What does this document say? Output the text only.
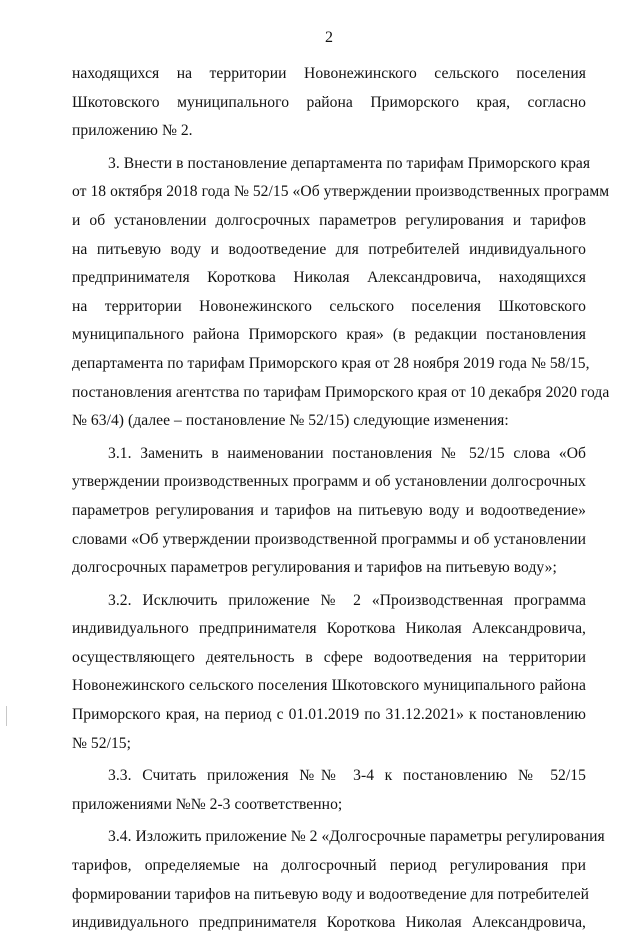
2
находящихся на территории Новонежинского сельского поселения
Шкотовского муниципального района Приморского края, согласно
приложению № 2.
3. Внести в постановление департамента по тарифам Приморского края
от 18 октября 2018 года № 52/15 «Об утверждении производственных программ
и об установлении долгосрочных параметров регулирования и тарифов
на питьевую воду и водоотведение для потребителей индивидуального
предпринимателя Короткова Николая Александровича, находящихся
на территории Новонежинского сельского поселения Шкотовского
муниципального района Приморского края» (в редакции постановления
департамента по тарифам Приморского края от 28 ноября 2019 года № 58/15,
постановления агентства по тарифам Приморского края от 10 декабря 2020 года
№ 63/4) (далее – постановление № 52/15) следующие изменения:
3.1. Заменить в наименовании постановления № 52/15 слова «Об
утверждении производственных программ и об установлении долгосрочных
параметров регулирования и тарифов на питьевую воду и водоотведение»
словами «Об утверждении производственной программы и об установлении
долгосрочных параметров регулирования и тарифов на питьевую воду»;
3.2. Исключить приложение № 2 «Производственная программа
индивидуального предпринимателя Короткова Николая Александровича,
осуществляющего деятельность в сфере водоотведения на территории
Новонежинского сельского поселения Шкотовского муниципального района
Приморского края, на период с 01.01.2019 по 31.12.2021» к постановлению
№ 52/15;
3.3. Считать приложения №№ 3-4 к постановлению № 52/15
приложениями №№ 2-3 соответственно;
3.4. Изложить приложение № 2 «Долгосрочные параметры регулирования
тарифов, определяемые на долгосрочный период регулирования при
формировании тарифов на питьевую воду и водоотведение для потребителей
индивидуального предпринимателя Короткова Николая Александровича,
